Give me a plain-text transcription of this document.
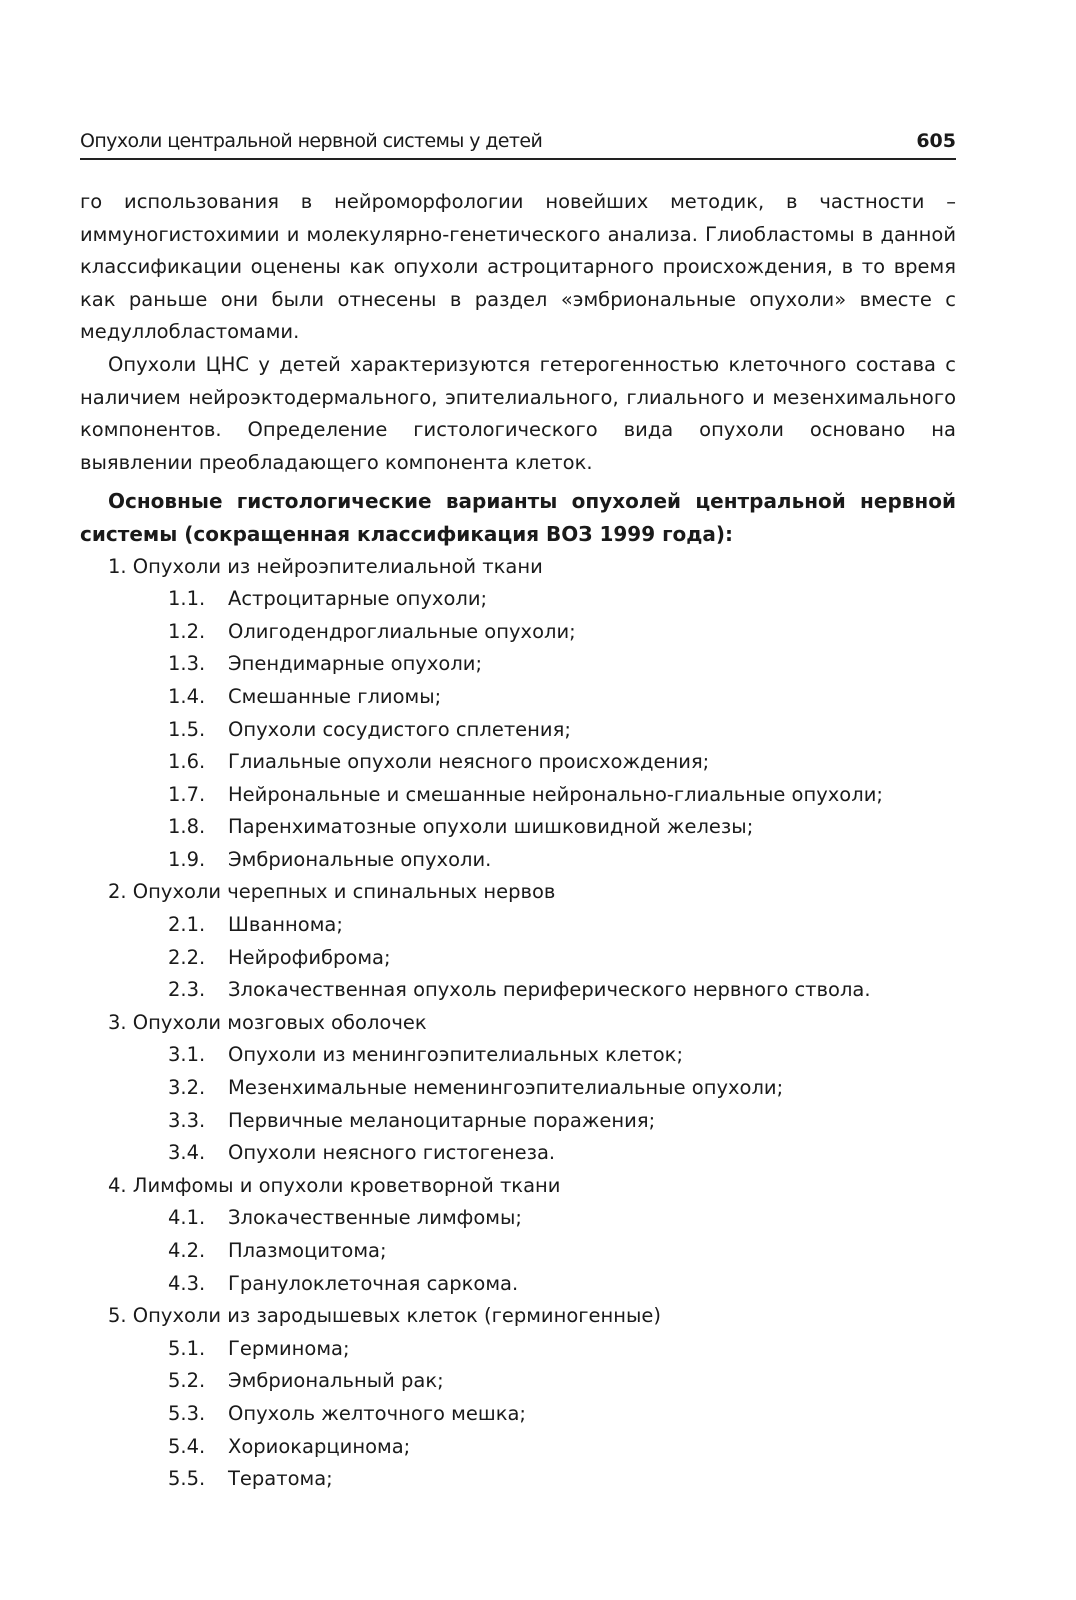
Опухоли центральной нервной системы у детей	605

го использования в нейроморфологии новейших методик, в частности – иммуногистохимии и молекулярно-генетического анализа. Глиобластомы в данной классификации оценены как опухоли астроцитарного происхождения, в то время как раньше они были отнесены в раздел «эмбриональные опухоли» вместе с медуллобластомами.

Опухоли ЦНС у детей характеризуются гетерогенностью клеточного состава с наличием нейроэктодермального, эпителиального, глиального и мезенхимального компонентов. Определение гистологического вида опухоли основано на выявлении преобладающего компонента клеток.

Основные гистологические варианты опухолей центральной нервной системы (сокращенная классификация ВОЗ 1999 года):

1. Опухоли из нейроэпителиальной ткани
1.1.	Астроцитарные опухоли;
1.2.	Олигодендроглиальные опухоли;
1.3.	Эпендимарные опухоли;
1.4.	Смешанные глиомы;
1.5.	Опухоли сосудистого сплетения;
1.6.	Глиальные опухоли неясного происхождения;
1.7.	Нейрональные и смешанные нейронально-глиальные опухоли;
1.8.	Паренхиматозные опухоли шишковидной железы;
1.9.	Эмбриональные опухоли.
2. Опухоли черепных и спинальных нервов
2.1.	Шваннома;
2.2.	Нейрофиброма;
2.3.	Злокачественная опухоль периферического нервного ствола.
3. Опухоли мозговых оболочек
3.1.	Опухоли из менингоэпителиальных клеток;
3.2.	Мезенхимальные неменингоэпителиальные опухоли;
3.3.	Первичные меланоцитарные поражения;
3.4.	Опухоли неясного гистогенеза.
4. Лимфомы и опухоли кроветворной ткани
4.1.	Злокачественные лимфомы;
4.2.	Плазмоцитома;
4.3.	Гранулоклеточная саркома.
5. Опухоли из зародышевых клеток (герминогенные)
5.1.	Герминома;
5.2.	Эмбриональный рак;
5.3.	Опухоль желточного мешка;
5.4.	Хориокарцинома;
5.5.	Тератома;
